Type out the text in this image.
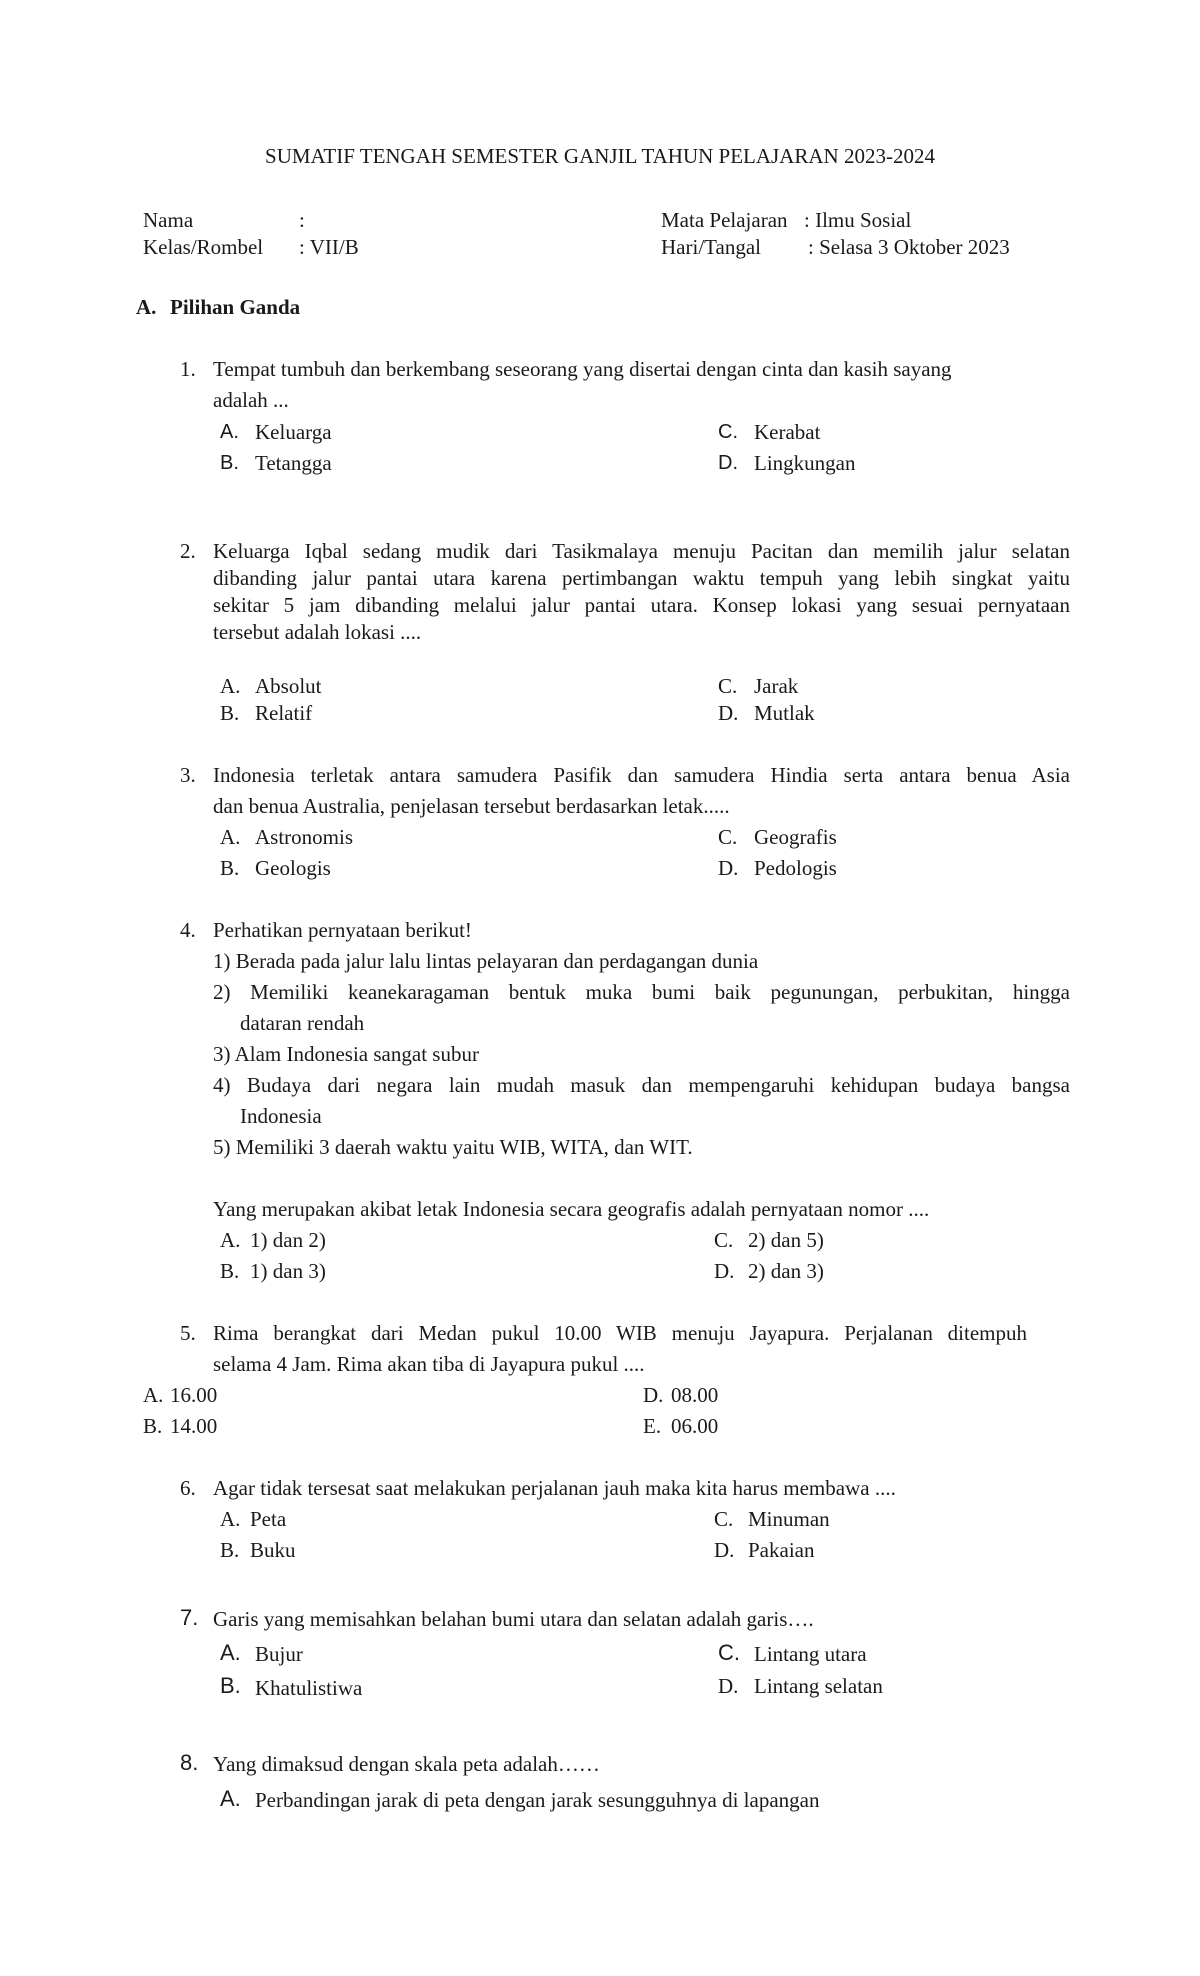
SUMATIF TENGAH SEMESTER GANJIL TAHUN PELAJARAN 2023-2024
Nama	:
Kelas/Rombel : VII/B
Mata Pelajaran : Ilmu Sosial
Hari/Tangal : Selasa 3 Oktober 2023
A. Pilihan Ganda
1. Tempat tumbuh dan berkembang seseorang yang disertai dengan cinta dan kasih sayang
adalah ...
A. Keluarga
B. Tetangga
C. Kerabat
D. Lingkungan
2. Keluarga Iqbal sedang mudik dari Tasikmalaya menuju Pacitan dan memilih jalur selatan
dibanding jalur pantai utara karena pertimbangan waktu tempuh yang lebih singkat yaitu
sekitar 5 jam dibanding melalui jalur pantai utara. Konsep lokasi yang sesuai pernyataan
tersebut adalah lokasi ....
A. Absolut
B. Relatif
C. Jarak
D. Mutlak
3. Indonesia terletak antara samudera Pasifik dan samudera Hindia serta antara benua Asia
dan benua Australia, penjelasan tersebut berdasarkan letak.....
A. Astronomis
B. Geologis
C. Geografis
D. Pedologis
4. Perhatikan pernyataan berikut!
1) Berada pada jalur lalu lintas pelayaran dan perdagangan dunia
2) Memiliki keanekaragaman bentuk muka bumi baik pegunungan, perbukitan, hingga
dataran rendah
3) Alam Indonesia sangat subur
4) Budaya dari negara lain mudah masuk dan mempengaruhi kehidupan budaya bangsa
Indonesia
5) Memiliki 3 daerah waktu yaitu WIB, WITA, dan WIT.
Yang merupakan akibat letak Indonesia secara geografis adalah pernyataan nomor ....
A. 1) dan 2)
B. 1) dan 3)
C. 2) dan 5)
D. 2) dan 3)
5. Rima berangkat dari Medan pukul 10.00 WIB menuju Jayapura. Perjalanan ditempuh
selama 4 Jam. Rima akan tiba di Jayapura pukul ....
A. 16.00
B. 14.00
D. 08.00
E. 06.00
6. Agar tidak tersesat saat melakukan perjalanan jauh maka kita harus membawa ....
A. Peta
B. Buku
C. Minuman
D. Pakaian
7. Garis yang memisahkan belahan bumi utara dan selatan adalah garis….
A. Bujur
B. Khatulistiwa
C. Lintang utara
D. Lintang selatan
8. Yang dimaksud dengan skala peta adalah……
A. Perbandingan jarak di peta dengan jarak sesungguhnya di lapangan
